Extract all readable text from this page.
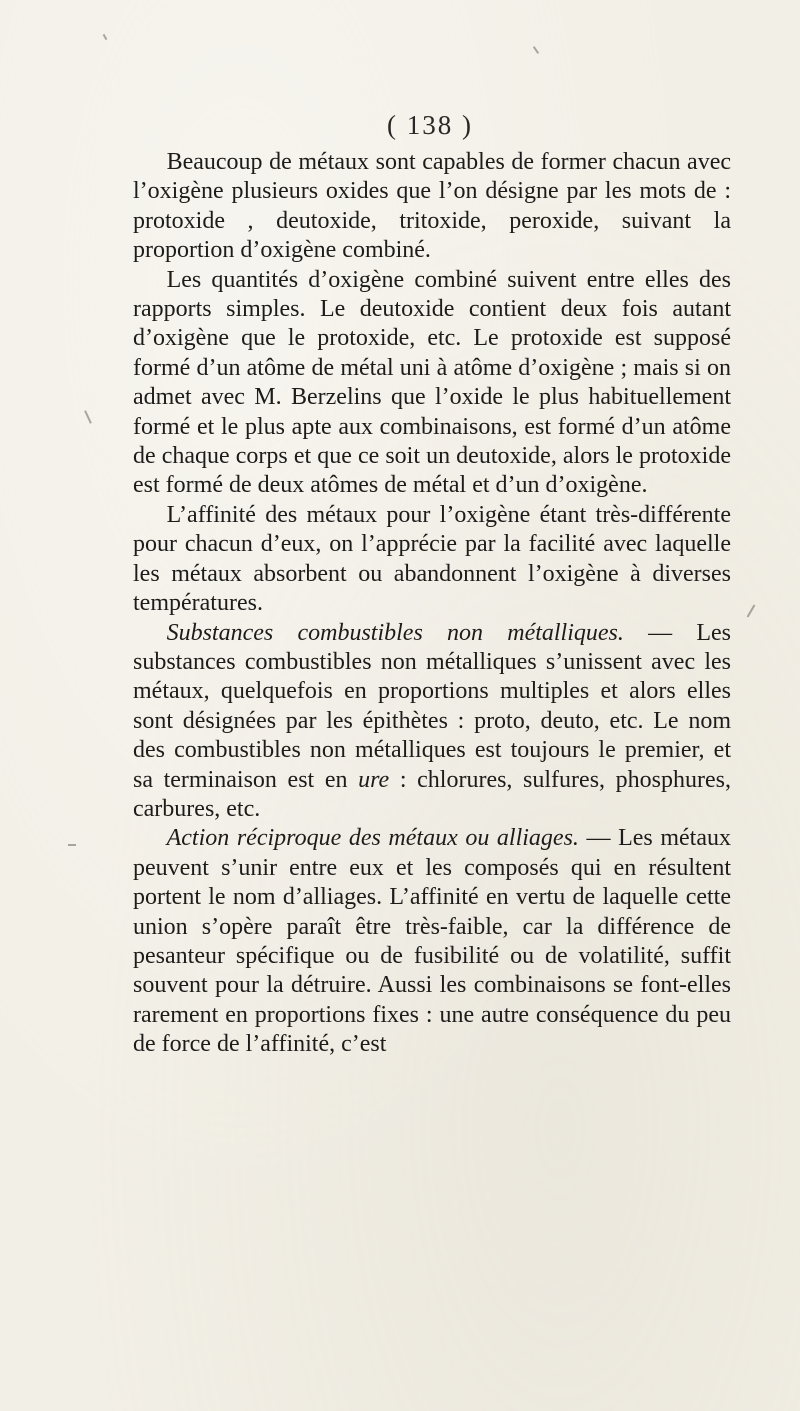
( 138 )

Beaucoup de métaux sont capables de former chacun avec l’oxigène plusieurs oxides que l’on désigne par les mots de : protoxide , deutoxide, tritoxide, peroxide, suivant la proportion d’oxigène combiné.

Les quantités d’oxigène combiné suivent entre elles des rapports simples. Le deutoxide contient deux fois autant d’oxigène que le protoxide, etc. Le protoxide est supposé formé d’un atôme de métal uni à atôme d’oxigène ; mais si on admet avec M. Berzelins que l’oxide le plus habituellement formé et le plus apte aux combinaisons, est formé d’un atôme de chaque corps et que ce soit un deutoxide, alors le protoxide est formé de deux atômes de métal et d’un d’oxigène.

L’affinité des métaux pour l’oxigène étant très-différente pour chacun d’eux, on l’apprécie par la facilité avec laquelle les métaux absorbent ou abandonnent l’oxigène à diverses températures.

Substances combustibles non métalliques. — Les substances combustibles non métalliques s’unissent avec les métaux, quelquefois en proportions multiples et alors elles sont désignées par les épithètes : proto, deuto, etc. Le nom des combustibles non métalliques est toujours le premier, et sa terminaison est en ure : chlorures, sulfures, phosphures, carbures, etc.

Action réciproque des métaux ou alliages. — Les métaux peuvent s’unir entre eux et les composés qui en résultent portent le nom d’alliages. L’affinité en vertu de laquelle cette union s’opère paraît être très-faible, car la différence de pesanteur spécifique ou de fusibilité ou de volatilité, suffit souvent pour la détruire. Aussi les combinaisons se font-elles rarement en proportions fixes : une autre conséquence du peu de force de l’affinité, c’est
